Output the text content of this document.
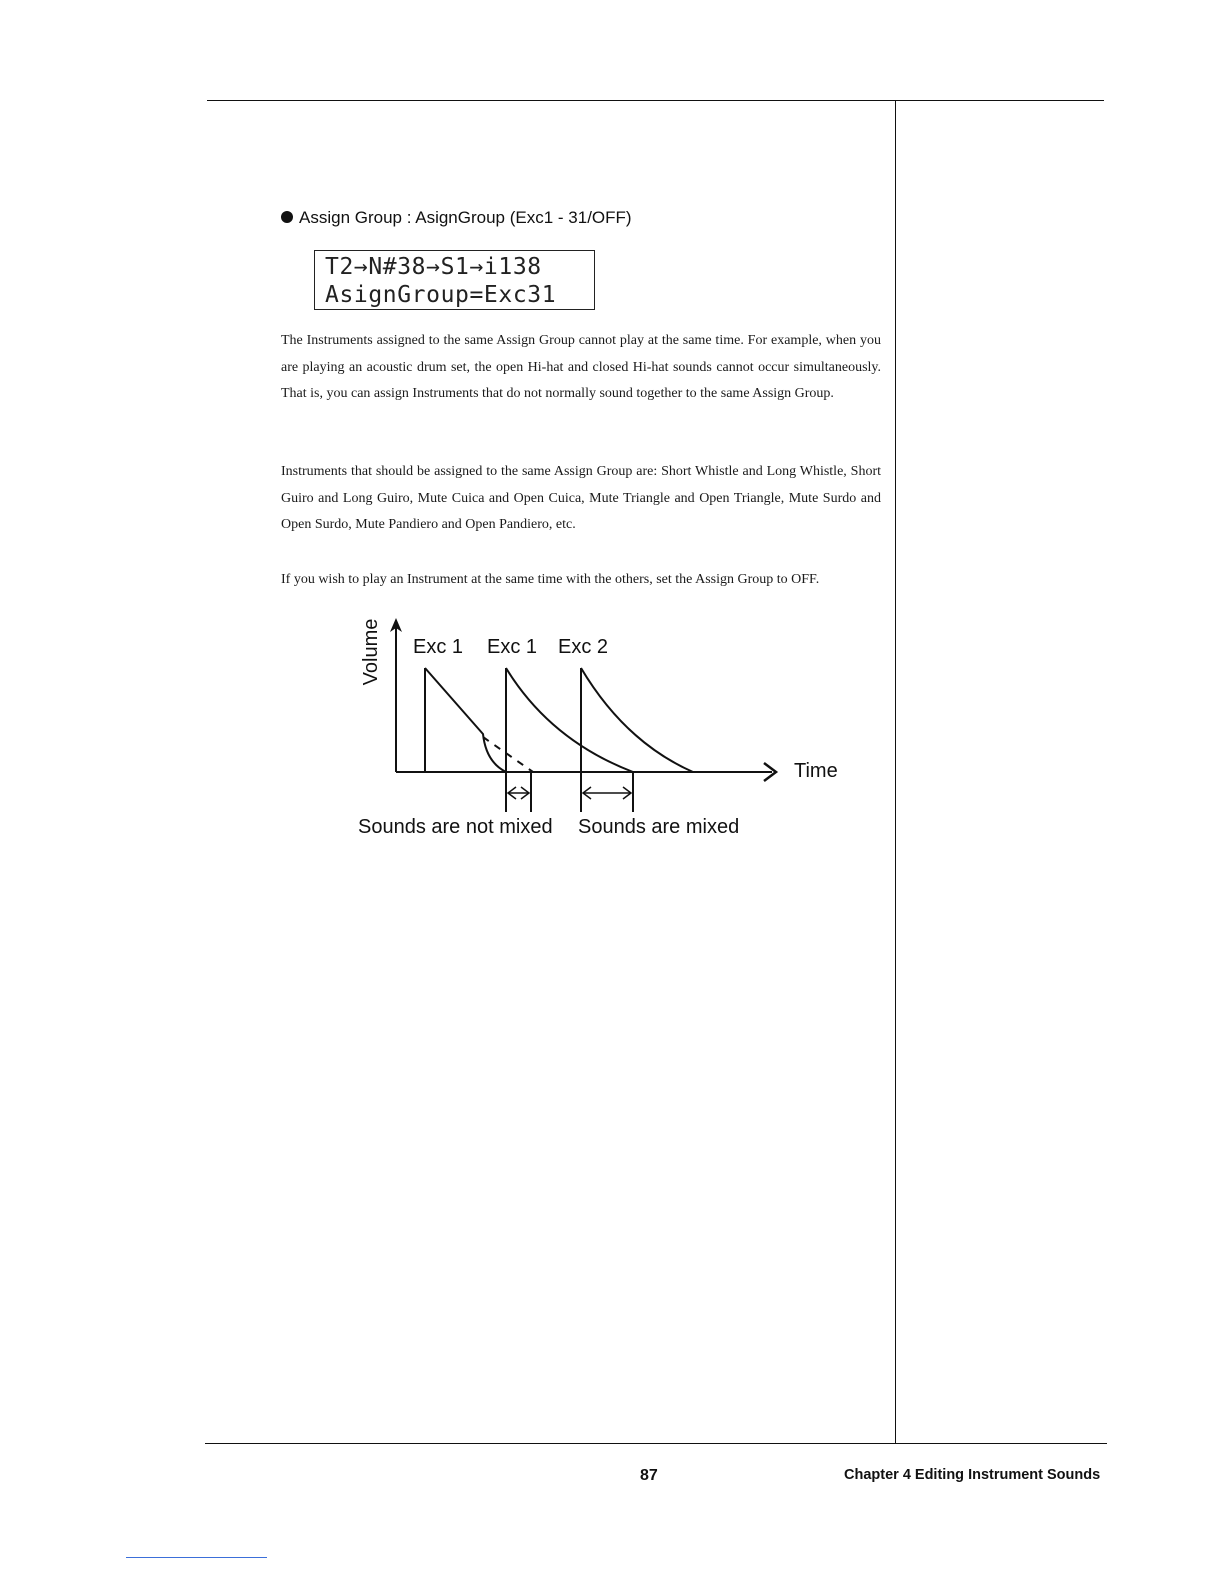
Assign Group : AsignGroup (Exc1 - 31/OFF)
T2→N#38→S1→i138
AsignGroup=Exc31
The Instruments assigned to the same Assign Group cannot play at the same time. For example, when you are playing an acoustic drum set, the open Hi-hat and closed Hi-hat sounds cannot occur simultaneously. That is, you can assign Instruments that do not normally sound together to the same Assign Group.
Instruments that should be assigned to the same Assign Group are: Short Whistle and Long Whistle, Short Guiro and Long Guiro, Mute Cuica and Open Cuica, Mute Triangle and Open Triangle, Mute Surdo and Open Surdo, Mute Pandiero and Open Pandiero, etc.
If you wish to play an Instrument at the same time with the others, set the Assign Group to OFF.
Volume
Time
Exc 1 Exc 1 Exc 2
Sounds are not mixed Sounds are mixed
87	Chapter 4 Editing Instrument Sounds
